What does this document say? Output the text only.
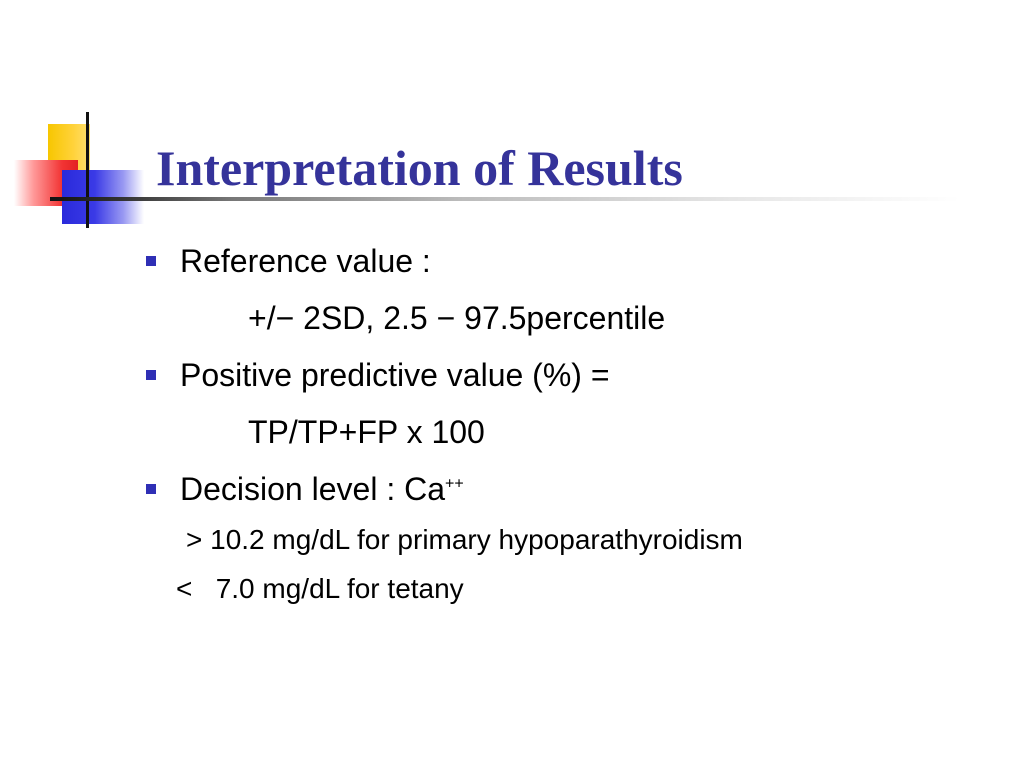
Interpretation of Results
Reference value :
+/− 2SD, 2.5 − 97.5percentile
Positive predictive value (%) =
TP/TP+FP x 100
Decision level : Ca++
> 10.2 mg/dL for primary hypoparathyroidism
<   7.0 mg/dL for tetany
